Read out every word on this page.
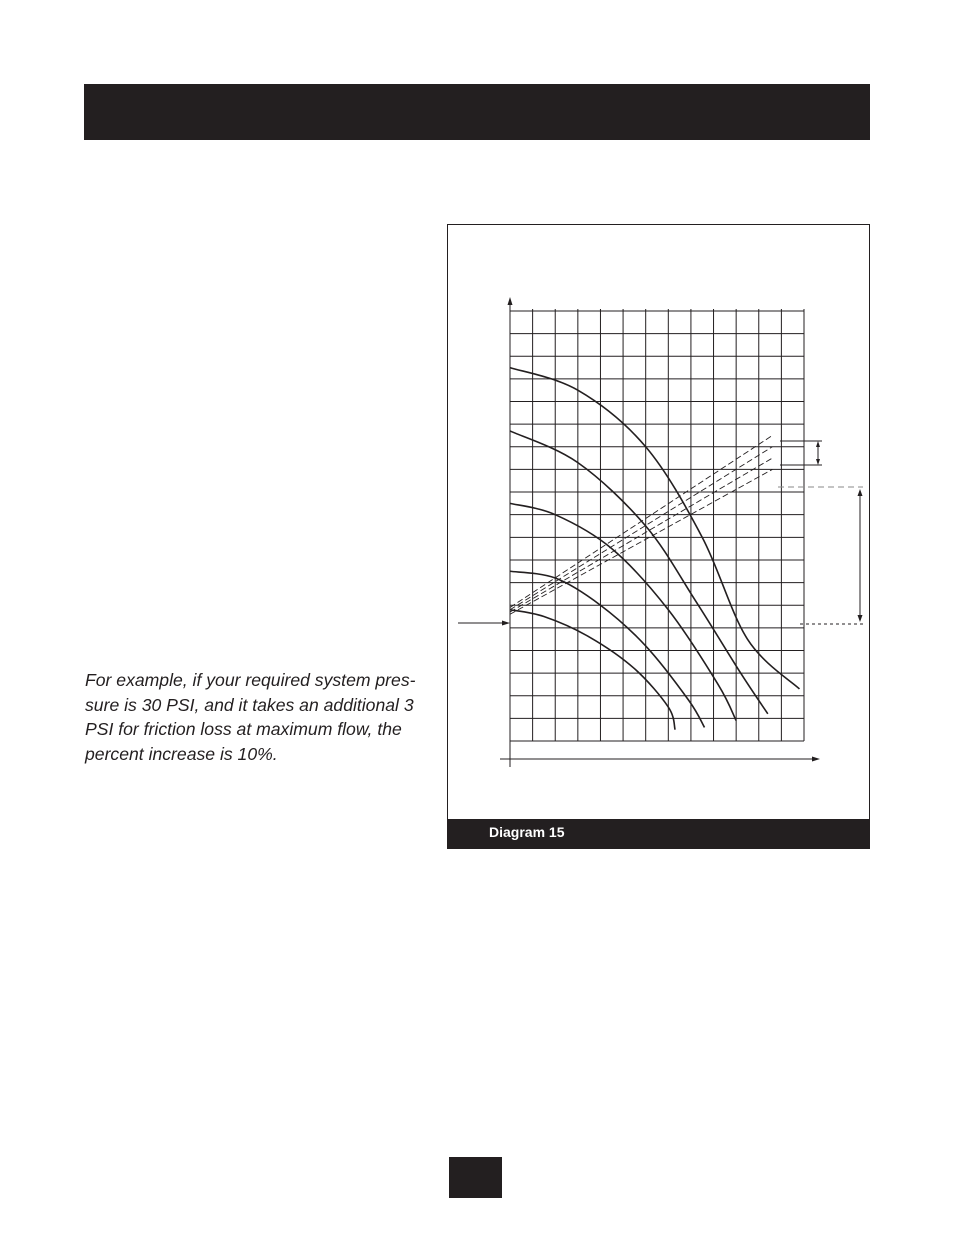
For example, if your required system pres-
sure is 30 PSI, and it takes an additional 3
PSI for friction loss at maximum flow, the
percent increase is 10%.

Diagram 15
